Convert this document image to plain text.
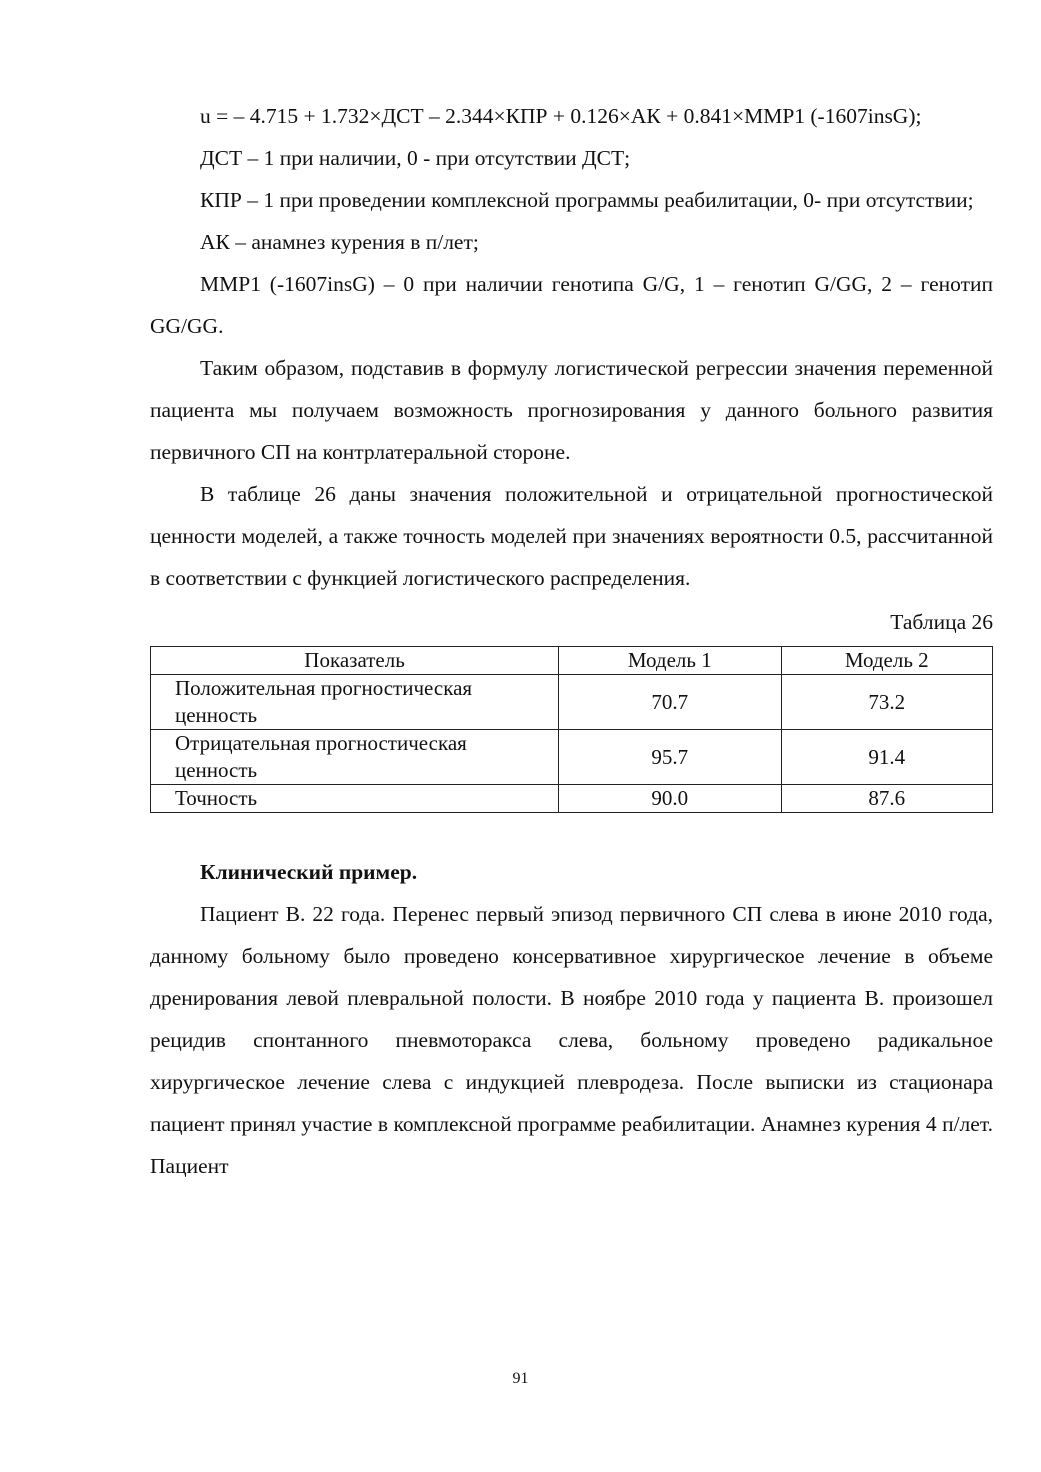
u = – 4.715 + 1.732×ДСТ – 2.344×КПР + 0.126×АК + 0.841×ММР1 (-1607insG);

ДСТ – 1 при наличии, 0 - при отсутствии ДСТ;

КПР – 1 при проведении комплексной программы реабилитации, 0- при отсутствии;

АК – анамнез курения в п/лет;

ММР1 (-1607insG) – 0 при наличии генотипа G/G, 1 – генотип G/GG, 2 – генотип GG/GG.

Таким образом, подставив в формулу логистической регрессии значения переменной пациента мы получаем возможность прогнозирования у данного больного развития первичного СП на контрлатеральной стороне.

В таблице 26 даны значения положительной и отрицательной прогностической ценности моделей, а также точность моделей при значениях вероятности 0.5, рассчитанной в соответствии с функцией логистического распределения.

Таблица 26
Показатель	Модель 1	Модель 2
Положительная прогностическая ценность	70.7	73.2
Отрицательная прогностическая ценность	95.7	91.4
Точность	90.0	87.6
Клинический пример.

Пациент В. 22 года. Перенес первый эпизод первичного СП слева в июне 2010 года, данному больному было проведено консервативное хирургическое лечение в объеме дренирования левой плевральной полости. В ноябре 2010 года у пациента В. произошел рецидив спонтанного пневмоторакса слева, больному проведено радикальное хирургическое лечение слева с индукцией плевродеза. После выписки из стационара пациент принял участие в комплексной программе реабилитации. Анамнез курения 4 п/лет. Пациент

91
